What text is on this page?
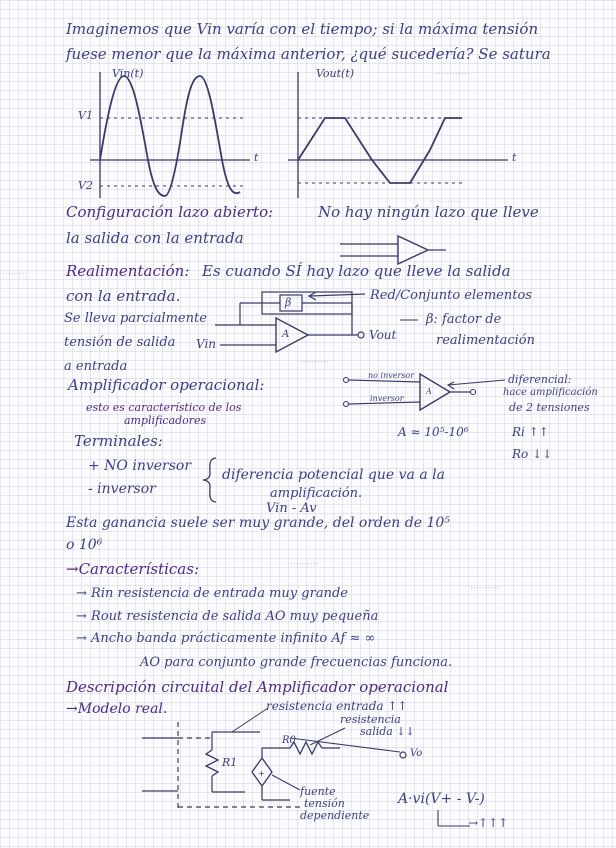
Imaginemos que Vin varía con el tiempo; si la máxima tensión
fuese menor que la máxima anterior, ¿qué sucedería? Se satura
............
Vin(t)
V1
V2
t
Vout(t)
t
...........
Configuración lazo abierto:	No hay ningún lazo que lleve
la salida con la entrada
.........	Realimentación: Es cuando SÍ hay lazo que lleve la salida
con la entrada.
Se lleva parcialmente
tensión de salida Vin
a entrada
β
A	Vout
Red/Conjunto elementos
β: factor de
realimentación
..........
Amplificador operacional:
esto es característico de los
amplificadores
no inversor
inversor
A
diferencial:
hace amplificación
de 2 tensiones
A ≈ 10⁵-10⁶	Ri ↑↑
Ro ↓↓
Terminales:
+ NO inversor
- inversor
diferencia potencial que va a la
amplificación.
Vin - Av
Esta ganancia suele ser muy grande, del orden de 10⁵
o 10⁶
..........
→Características:
→ Rin resistencia de entrada muy grande
→ Rout resistencia de salida AO muy pequeña
→ Ancho banda prácticamente infinito Af ≈ ∞
AO para conjunto grande frecuencias funciona.
..........
Descripción circuital del Amplificador operacional
→Modelo real.	resistencia entrada ↑↑
resistencia
salida ↓↓
+
R1
R0
Vo
fuente
tensión
dependiente
A·vi(V+ - V-)
→↑↑↑
